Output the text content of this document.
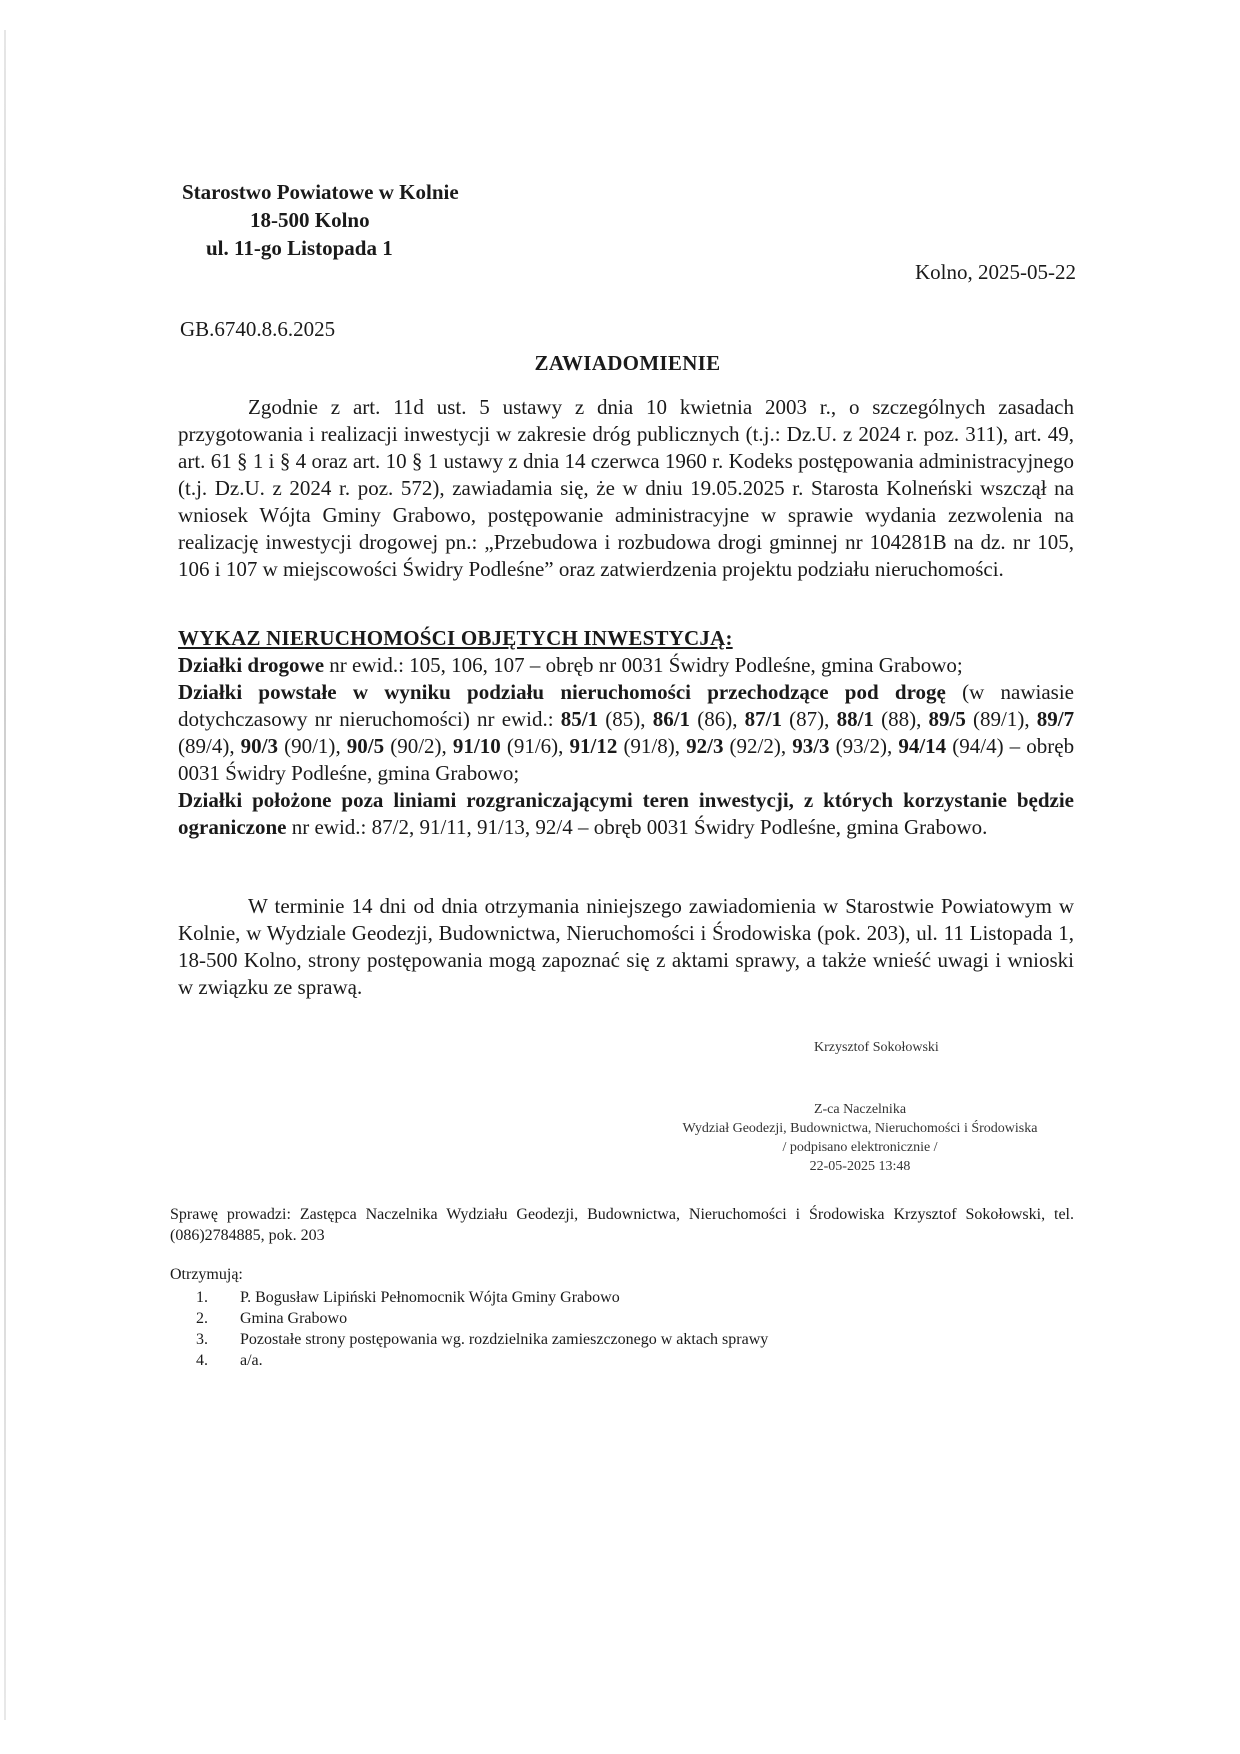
Starostwo Powiatowe w Kolnie
18-500 Kolno
ul. 11-go Listopada 1
Kolno, 2025-05-22
GB.6740.8.6.2025
ZAWIADOMIENIE

Zgodnie z art. 11d ust. 5 ustawy z dnia 10 kwietnia 2003 r., o szczególnych zasadach przygotowania i realizacji inwestycji w zakresie dróg publicznych (t.j.: Dz.U. z 2024 r. poz. 311), art. 49, art. 61 § 1 i § 4 oraz art. 10 § 1 ustawy z dnia 14 czerwca 1960 r. Kodeks postępowania administracyjnego (t.j. Dz.U. z 2024 r. poz. 572), zawiadamia się, że w dniu 19.05.2025 r. Starosta Kolneński wszczął na wniosek Wójta Gminy Grabowo, postępowanie administracyjne w sprawie wydania zezwolenia na realizację inwestycji drogowej pn.: „Przebudowa i rozbudowa drogi gminnej nr 104281B na dz. nr 105, 106 i 107 w miejscowości Świdry Podleśne” oraz zatwierdzenia projektu podziału nieruchomości.

WYKAZ NIERUCHOMOŚCI OBJĘTYCH INWESTYCJĄ:

Działki drogowe nr ewid.: 105, 106, 107 – obręb nr 0031 Świdry Podleśne, gmina Grabowo;

Działki powstałe w wyniku podziału nieruchomości przechodzące pod drogę (w nawiasie dotychczasowy nr nieruchomości) nr ewid.: 85/1 (85), 86/1 (86), 87/1 (87), 88/1 (88), 89/5 (89/1), 89/7 (89/4), 90/3 (90/1), 90/5 (90/2), 91/10 (91/6), 91/12 (91/8), 92/3 (92/2), 93/3 (93/2), 94/14 (94/4) – obręb 0031 Świdry Podleśne, gmina Grabowo;

Działki położone poza liniami rozgraniczającymi teren inwestycji, z których korzystanie będzie ograniczone nr ewid.: 87/2, 91/11, 91/13, 92/4 – obręb 0031 Świdry Podleśne, gmina Grabowo.

W terminie 14 dni od dnia otrzymania niniejszego zawiadomienia w Starostwie Powiatowym w Kolnie, w Wydziale Geodezji, Budownictwa, Nieruchomości i Środowiska (pok. 203), ul. 11 Listopada 1, 18-500 Kolno, strony postępowania mogą zapoznać się z aktami sprawy, a także wnieść uwagi i wnioski w związku ze sprawą.

Krzysztof Sokołowski
Z-ca Naczelnika
Wydział Geodezji, Budownictwa, Nieruchomości i Środowiska
/ podpisano elektronicznie /
22-05-2025 13:48
Sprawę prowadzi: Zastępca Naczelnika Wydziału Geodezji, Budownictwa, Nieruchomości i Środowiska Krzysztof Sokołowski, tel. (086)2784885, pok. 203
Otrzymują:
1. P. Bogusław Lipiński Pełnomocnik Wójta Gminy Grabowo
2. Gmina Grabowo
3. Pozostałe strony postępowania wg. rozdzielnika zamieszczonego w aktach sprawy
4. a/a.
